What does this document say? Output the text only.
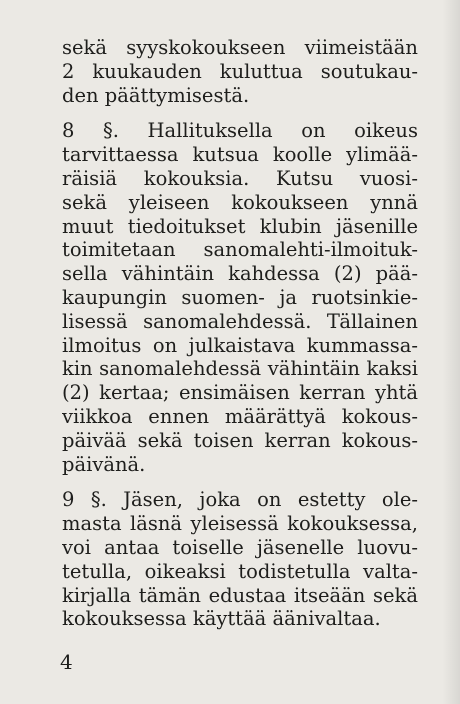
sekä syyskokoukseen viimeistään
2 kuukauden kuluttua soutukau-
den päättymisestä.
8 §. Hallituksella on oikeus
tarvittaessa kutsua koolle ylimää-
räisiä kokouksia. Kutsu vuosi-
sekä yleiseen kokoukseen ynnä
muut tiedoitukset klubin jäsenille
toimitetaan sanomalehti-ilmoituk-
sella vähintäin kahdessa (2) pää-
kaupungin suomen- ja ruotsinkie-
lisessä sanomalehdessä. Tällainen
ilmoitus on julkaistava kummassa-
kin sanomalehdessä vähintäin kaksi
(2) kertaa; ensimäisen kerran yhtä
viikkoa ennen määrättyä kokous-
päivää sekä toisen kerran kokous-
päivänä.
9 §. Jäsen, joka on estetty ole-
masta läsnä yleisessä kokouksessa,
voi antaa toiselle jäsenelle luovu-
tetulla, oikeaksi todistetulla valta-
kirjalla tämän edustaa itseään sekä
kokouksessa käyttää äänivaltaa.
4
